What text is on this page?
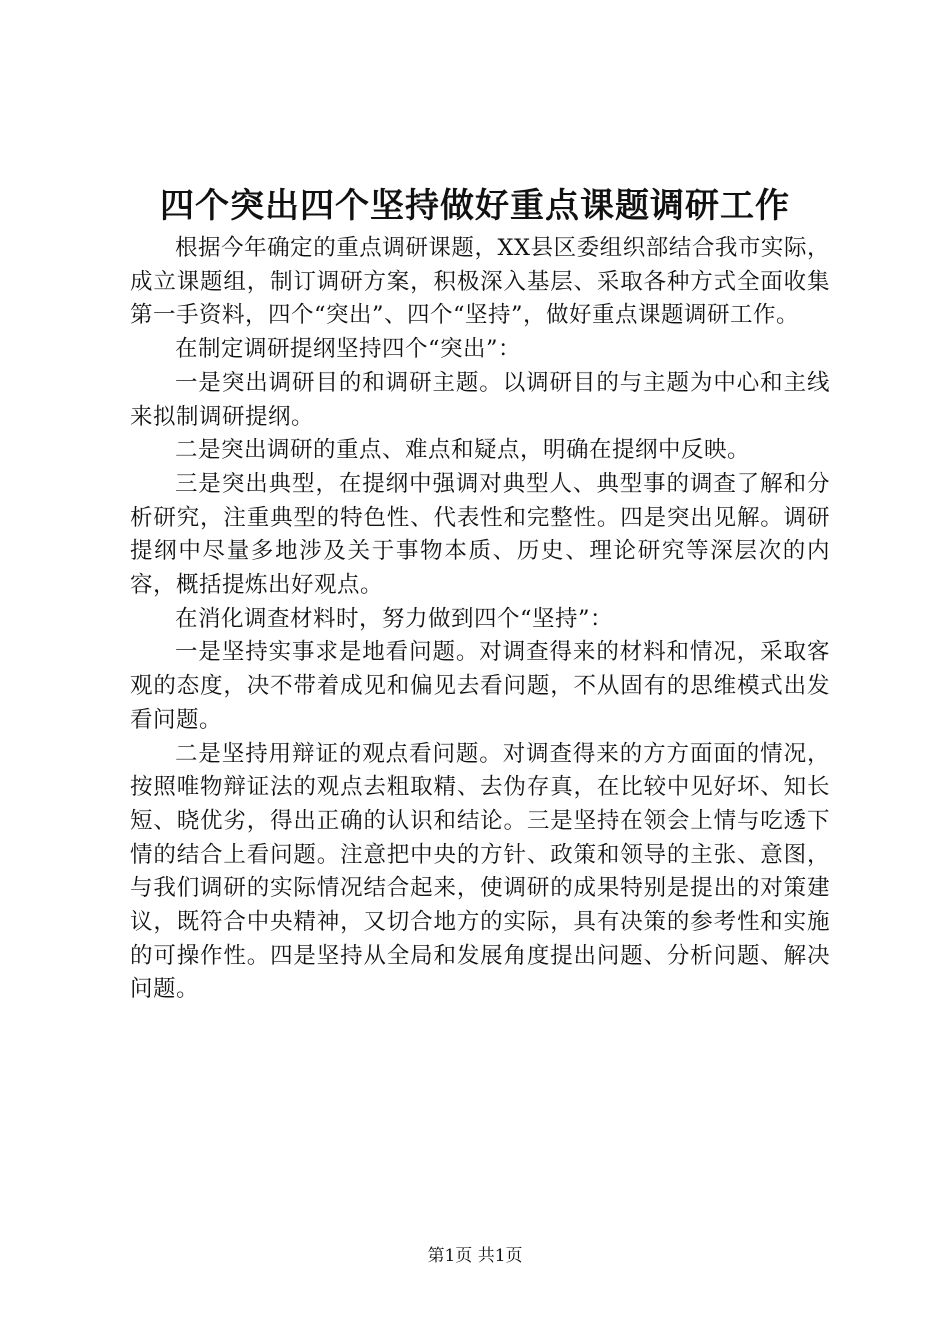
四个突出四个坚持做好重点课题调研工作

根据今年确定的重点调研课题，XX县区委组织部结合我市实际，成立课题组，制订调研方案，积极深入基层、采取各种方式全面收集第一手资料，四个“突出”、四个“坚持”，做好重点课题调研工作。

在制定调研提纲坚持四个“突出”：

一是突出调研目的和调研主题。以调研目的与主题为中心和主线来拟制调研提纲。

二是突出调研的重点、难点和疑点，明确在提纲中反映。

三是突出典型，在提纲中强调对典型人、典型事的调查了解和分析研究，注重典型的特色性、代表性和完整性。四是突出见解。调研提纲中尽量多地涉及关于事物本质、历史、理论研究等深层次的内容，概括提炼出好观点。

在消化调查材料时，努力做到四个“坚持”：

一是坚持实事求是地看问题。对调查得来的材料和情况，采取客观的态度，决不带着成见和偏见去看问题，不从固有的思维模式出发看问题。

二是坚持用辩证的观点看问题。对调查得来的方方面面的情况，按照唯物辩证法的观点去粗取精、去伪存真，在比较中见好坏、知长短、晓优劣，得出正确的认识和结论。三是坚持在领会上情与吃透下情的结合上看问题。注意把中央的方针、政策和领导的主张、意图，与我们调研的实际情况结合起来，使调研的成果特别是提出的对策建议，既符合中央精神，又切合地方的实际，具有决策的参考性和实施的可操作性。四是坚持从全局和发展角度提出问题、分析问题、解决问题。

第1页 共1页
